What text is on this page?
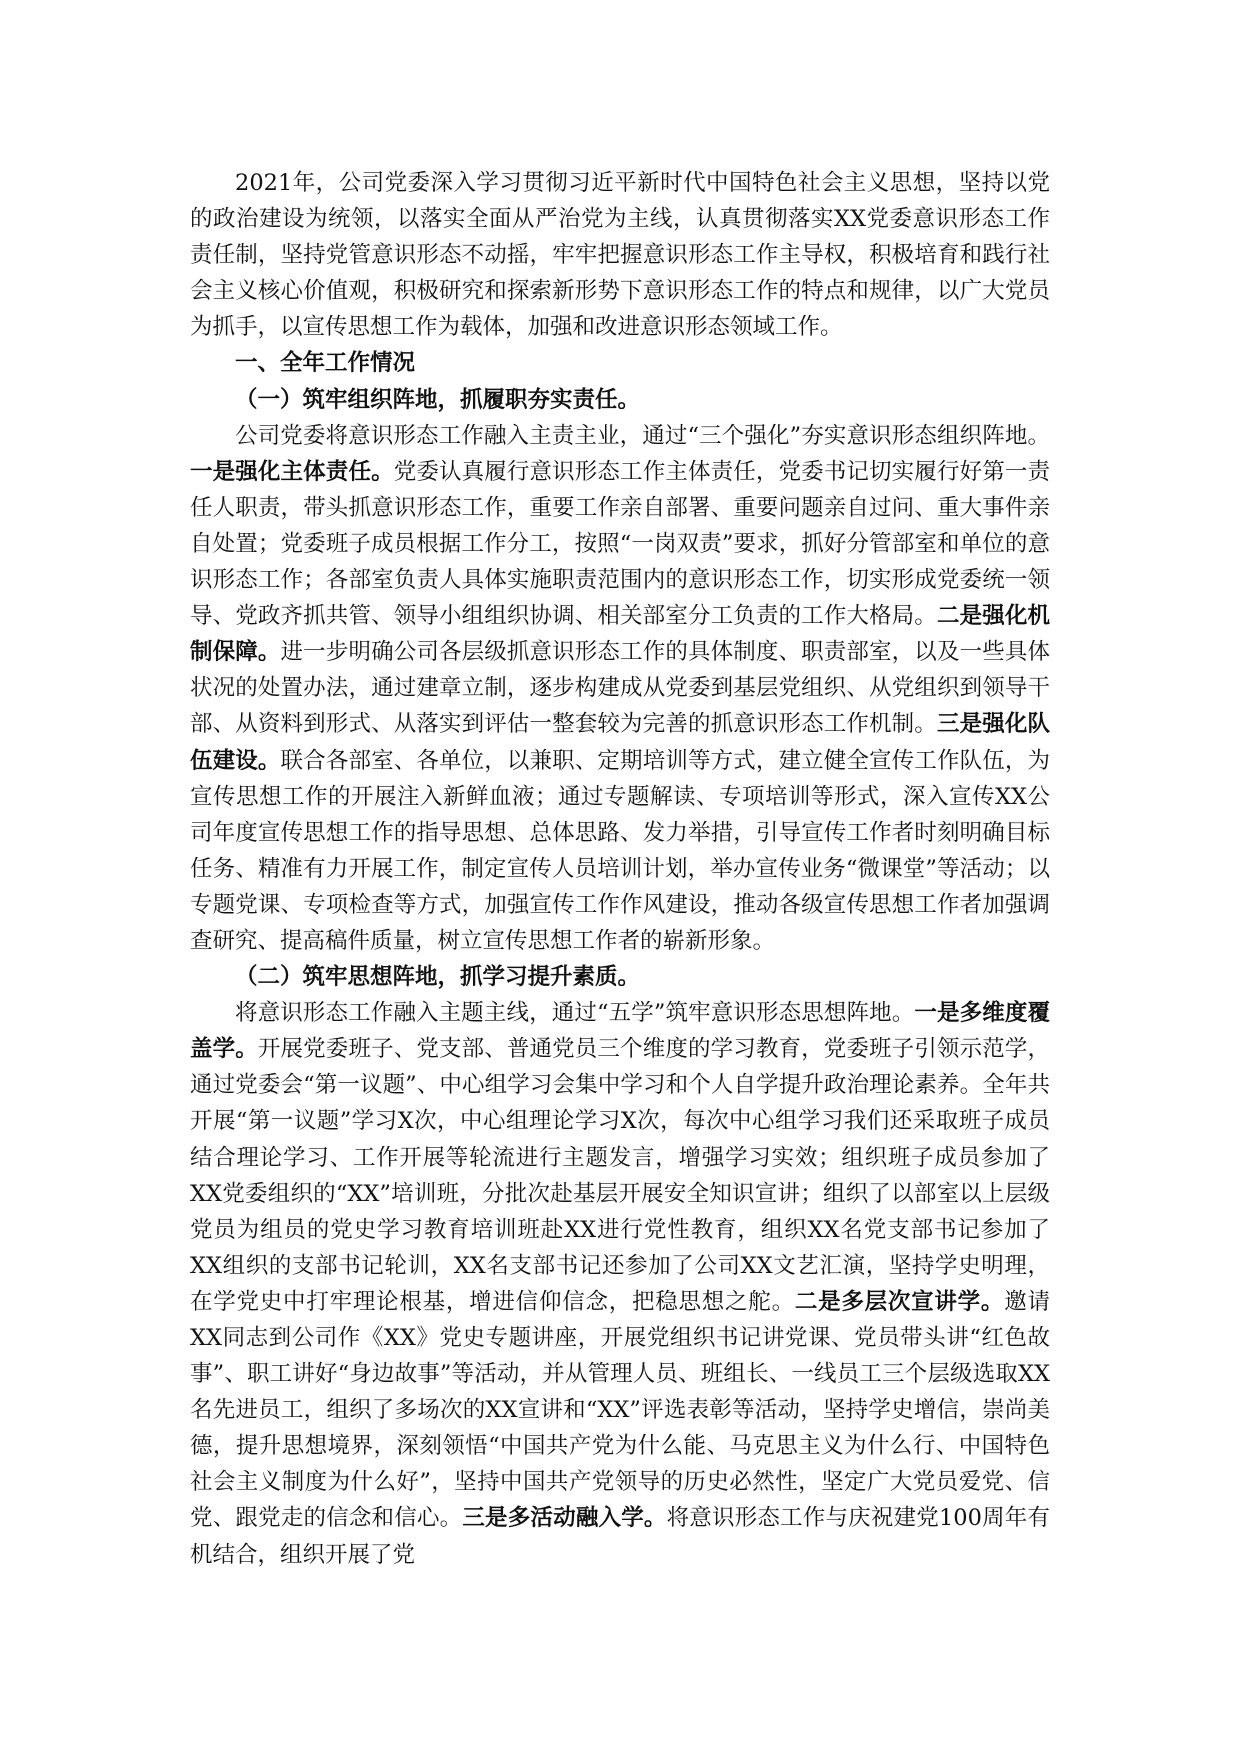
2021年，公司党委深入学习贯彻习近平新时代中国特色社会主义思想，坚持以党的政治建设为统领，以落实全面从严治党为主线，认真贯彻落实XX党委意识形态工作责任制，坚持党管意识形态不动摇，牢牢把握意识形态工作主导权，积极培育和践行社会主义核心价值观，积极研究和探索新形势下意识形态工作的特点和规律，以广大党员为抓手，以宣传思想工作为载体，加强和改进意识形态领域工作。

一、全年工作情况

（一）筑牢组织阵地，抓履职夯实责任。

公司党委将意识形态工作融入主责主业，通过“三个强化”夯实意识形态组织阵地。一是强化主体责任。党委认真履行意识形态工作主体责任，党委书记切实履行好第一责任人职责，带头抓意识形态工作，重要工作亲自部署、重要问题亲自过问、重大事件亲自处置；党委班子成员根据工作分工，按照“一岗双责”要求，抓好分管部室和单位的意识形态工作；各部室负责人具体实施职责范围内的意识形态工作，切实形成党委统一领导、党政齐抓共管、领导小组组织协调、相关部室分工负责的工作大格局。二是强化机制保障。进一步明确公司各层级抓意识形态工作的具体制度、职责部室，以及一些具体状况的处置办法，通过建章立制，逐步构建成从党委到基层党组织、从党组织到领导干部、从资料到形式、从落实到评估一整套较为完善的抓意识形态工作机制。三是强化队伍建设。联合各部室、各单位，以兼职、定期培训等方式，建立健全宣传工作队伍，为宣传思想工作的开展注入新鲜血液；通过专题解读、专项培训等形式，深入宣传XX公司年度宣传思想工作的指导思想、总体思路、发力举措，引导宣传工作者时刻明确目标任务、精准有力开展工作，制定宣传人员培训计划，举办宣传业务“微课堂”等活动；以专题党课、专项检查等方式，加强宣传工作作风建设，推动各级宣传思想工作者加强调查研究、提高稿件质量，树立宣传思想工作者的崭新形象。

（二）筑牢思想阵地，抓学习提升素质。

将意识形态工作融入主题主线，通过“五学”筑牢意识形态思想阵地。一是多维度覆盖学。开展党委班子、党支部、普通党员三个维度的学习教育，党委班子引领示范学，通过党委会“第一议题”、中心组学习会集中学习和个人自学提升政治理论素养。全年共开展“第一议题”学习X次，中心组理论学习X次，每次中心组学习我们还采取班子成员结合理论学习、工作开展等轮流进行主题发言，增强学习实效；组织班子成员参加了XX党委组织的“XX”培训班，分批次赴基层开展安全知识宣讲；组织了以部室以上层级党员为组员的党史学习教育培训班赴XX进行党性教育，组织XX名党支部书记参加了XX组织的支部书记轮训，XX名支部书记还参加了公司XX文艺汇演，坚持学史明理，在学党史中打牢理论根基，增进信仰信念，把稳思想之舵。二是多层次宣讲学。邀请XX同志到公司作《XX》党史专题讲座，开展党组织书记讲党课、党员带头讲“红色故事”、职工讲好“身边故事”等活动，并从管理人员、班组长、一线员工三个层级选取XX名先进员工，组织了多场次的XX宣讲和“XX”评选表彰等活动，坚持学史增信，崇尚美德，提升思想境界，深刻领悟“中国共产党为什么能、马克思主义为什么行、中国特色社会主义制度为什么好”，坚持中国共产党领导的历史必然性，坚定广大党员爱党、信党、跟党走的信念和信心。三是多活动融入学。将意识形态工作与庆祝建党100周年有机结合，组织开展了党
